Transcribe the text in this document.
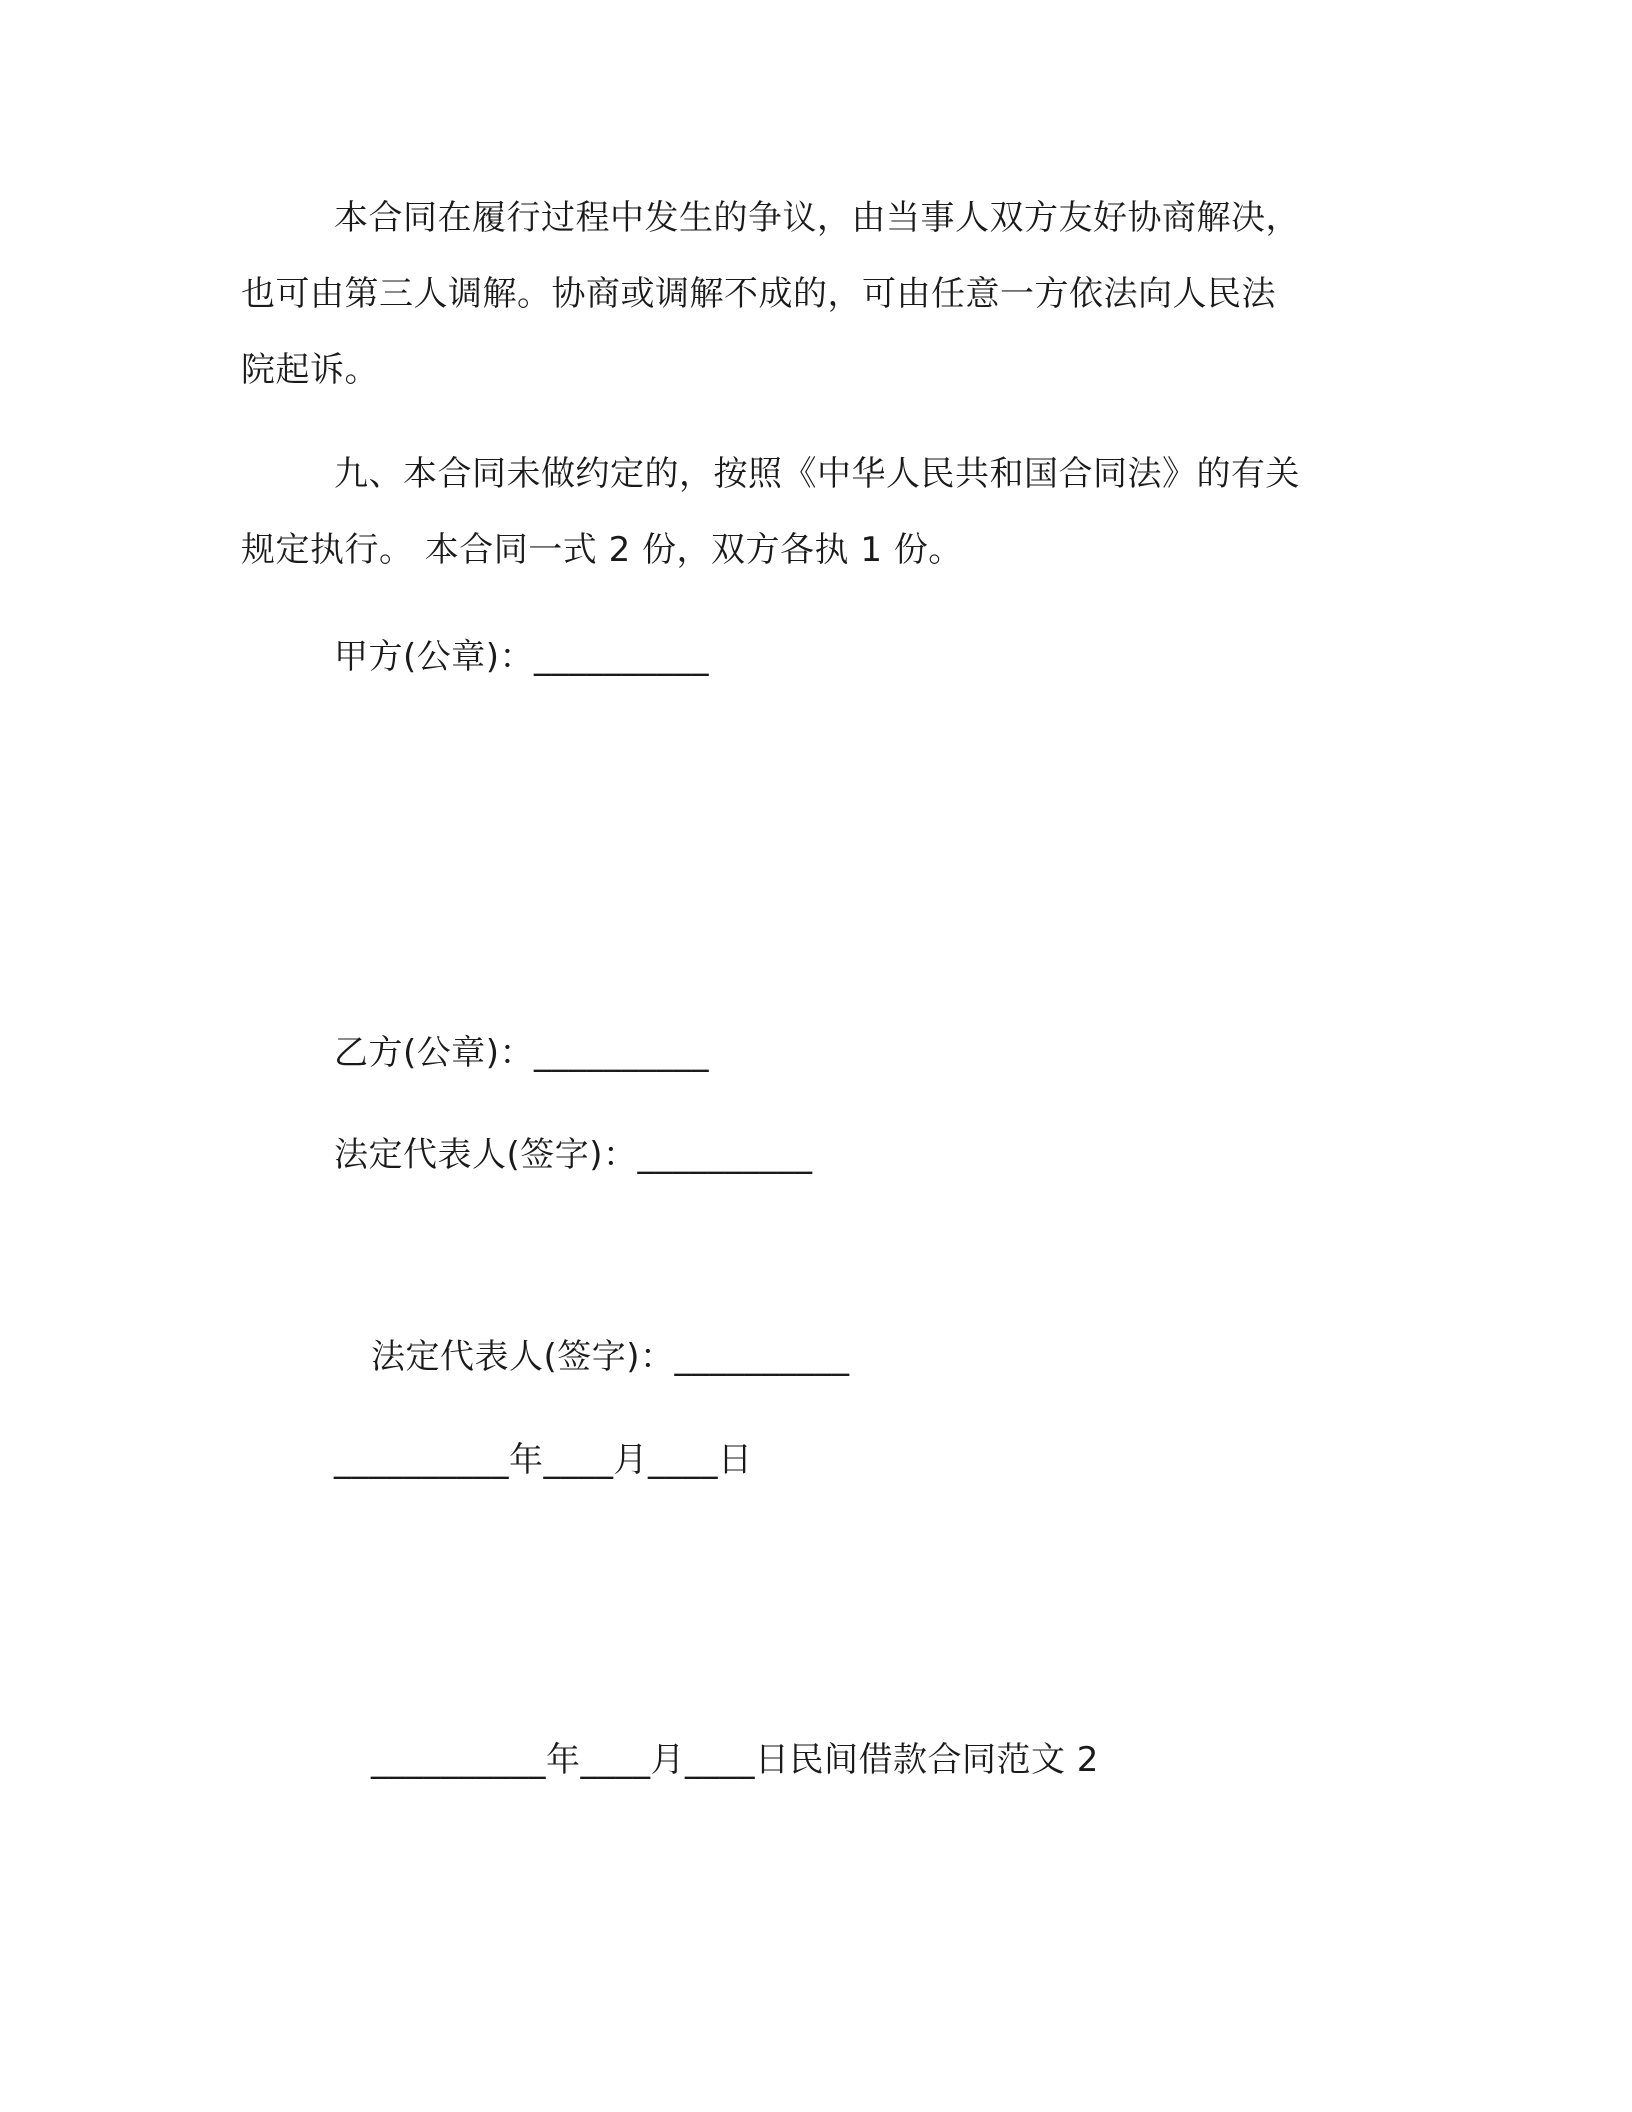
本合同在履行过程中发生的争议，由当事人双方友好协商解决，

也可由第三人调解。协商或调解不成的，可由任意一方依法向人民法

院起诉。

九、本合同未做约定的，按照《中华人民共和国合同法》的有关

规定执行。 本合同一式 2 份，双方各执 1 份。

甲方(公章)：__________

乙方(公章)：__________

法定代表人(签字)：__________

法定代表人(签字)：__________

__________年____月____日

__________年____月____日民间借款合同范文 2
